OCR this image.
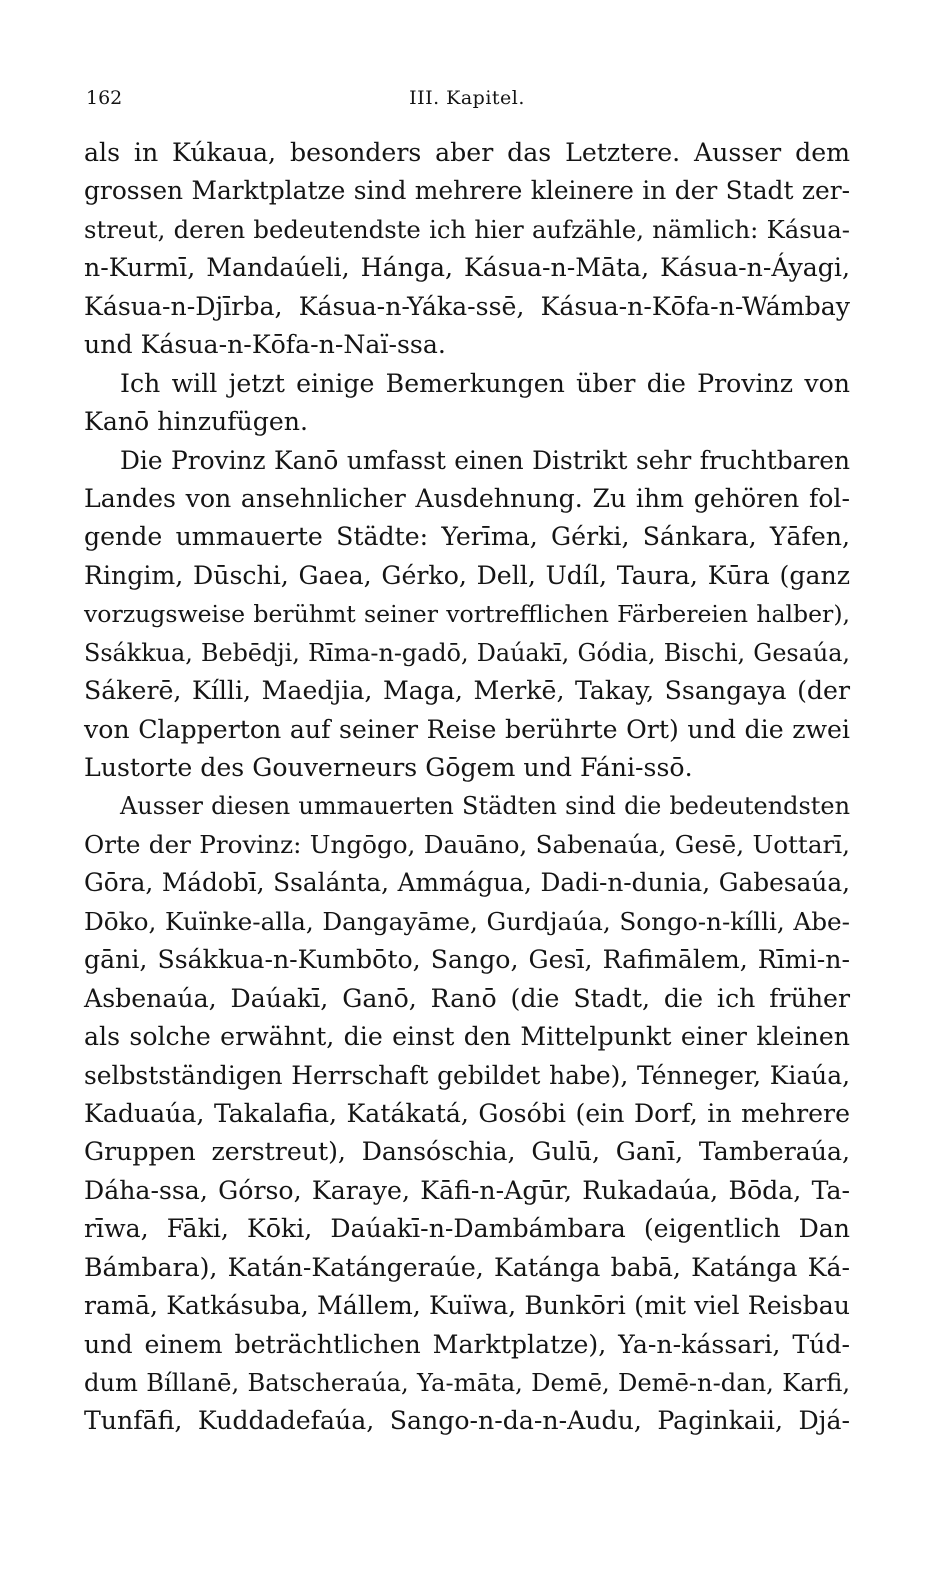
162	III. Kapitel.
als in Kúkaua, besonders aber das Letztere. Ausser dem
grossen Marktplatze sind mehrere kleinere in der Stadt zer-
streut, deren bedeutendste ich hier aufzähle, nämlich: Kásua-
n-Kurmī, Mandaúeli, Hánga, Kásua-n-Māta, Kásua-n-Áyagi,
Kásua-n-Djīrba, Kásua-n-Yáka-ssē, Kásua-n-Kōfa-n-Wámbay
und Kásua-n-Kōfa-n-Naï-ssa.
Ich will jetzt einige Bemerkungen über die Provinz von
Kanō hinzufügen.
Die Provinz Kanō umfasst einen Distrikt sehr fruchtbaren
Landes von ansehnlicher Ausdehnung. Zu ihm gehören fol-
gende ummauerte Städte: Yerīma, Gérki, Sánkara, Yāfen,
Ringim, Dūschi, Gaea, Gérko, Dell, Udíl, Taura, Kūra (ganz
vorzugsweise berühmt seiner vortrefflichen Färbereien halber),
Ssákkua, Bebēdji, Rīma-n-gadō, Daúakī, Gódia, Bischi, Gesaúa,
Sákerē, Kílli, Maedjia, Maga, Merkē, Takay, Ssangaya (der
von Clapperton auf seiner Reise berührte Ort) und die zwei
Lustorte des Gouverneurs Gōgem und Fáni-ssō.
Ausser diesen ummauerten Städten sind die bedeutendsten
Orte der Provinz: Ungōgo, Dauāno, Sabenaúa, Gesē, Uottarī,
Gōra, Mádobī, Ssalánta, Ammágua, Dadi-n-dunia, Gabesaúa,
Dōko, Kuïnke-alla, Dangayāme, Gurdjaúa, Songo-n-kílli, Abe-
gāni, Ssákkua-n-Kumbōto, Sango, Gesī, Rafimālem, Rīmi-n-
Asbenaúa, Daúakī, Ganō, Ranō (die Stadt, die ich früher
als solche erwähnt, die einst den Mittelpunkt einer kleinen
selbstständigen Herrschaft gebildet habe), Ténneger, Kiaúa,
Kaduaúa, Takalafia, Katákatá, Gosóbi (ein Dorf, in mehrere
Gruppen zerstreut), Dansóschia, Gulū, Ganī, Tamberaúa,
Dáha-ssa, Górso, Karaye, Kāfi-n-Agūr, Rukadaúa, Bōda, Ta-
rīwa, Fāki, Kōki, Daúakī-n-Dambámbara (eigentlich Dan
Bámbara), Katán-Katángeraúe, Katánga babā, Katánga Ká-
ramā, Katkásuba, Mállem, Kuïwa, Bunkōri (mit viel Reisbau
und einem beträchtlichen Marktplatze), Ya-n-kássari, Túd-
dum Bíllanē, Batscheraúa, Ya-māta, Demē, Demē-n-dan, Karfi,
Tunfāfi, Kuddadefaúa, Sango-n-da-n-Audu, Paginkaii, Djá-
